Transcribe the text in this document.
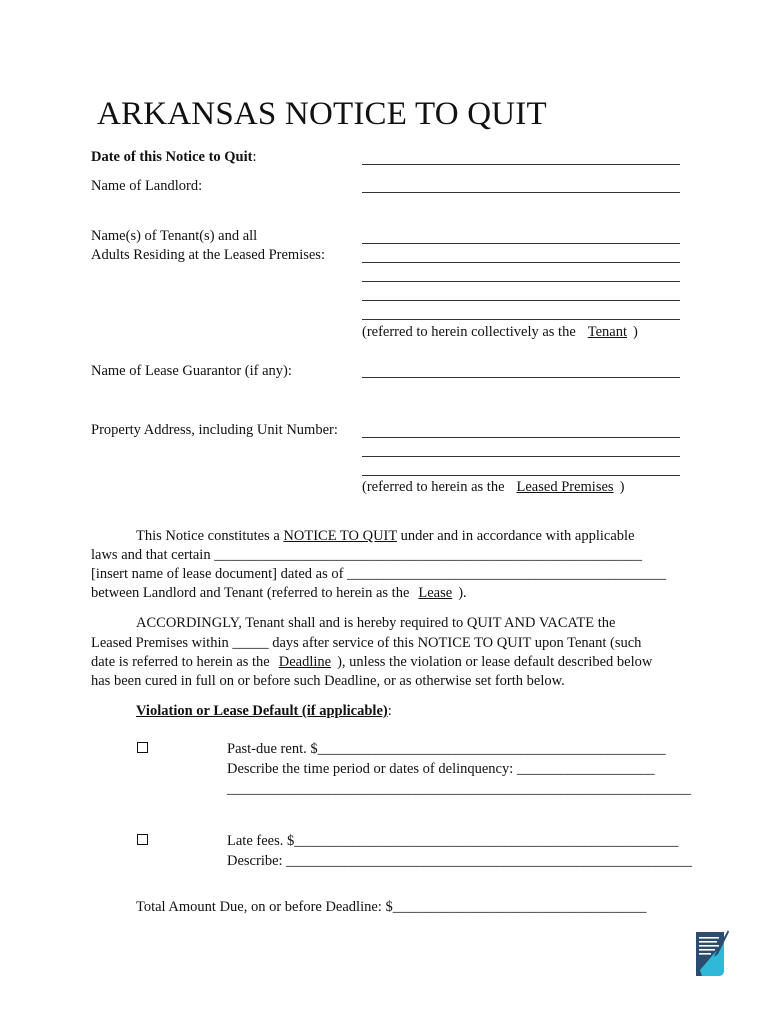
ARKANSAS NOTICE TO QUIT
Date of this Notice to Quit:
Name of Landlord:
Name(s) of Tenant(s) and all
Adults Residing at the Leased Premises:
(referred to herein collectively as the Tenant )
Name of Lease Guarantor (if any):
Property Address, including Unit Number:
(referred to herein as the Leased Premises )
This Notice constitutes a NOTICE TO QUIT under and in accordance with applicable
laws and that certain ___________________________________________________________
[insert name of lease document] dated as of ____________________________________________
between Landlord and Tenant (referred to herein as the Lease ).
ACCORDINGLY, Tenant shall and is hereby required to QUIT AND VACATE the
Leased Premises within _____ days after service of this NOTICE TO QUIT upon Tenant (such
date is referred to herein as the Deadline ), unless the violation or lease default described below
has been cured in full on or before such Deadline, or as otherwise set forth below.
Violation or Lease Default (if applicable):
Past-due rent. $________________________________________________
Describe the time period or dates of delinquency: ___________________
________________________________________________________________
Late fees. $_____________________________________________________
Describe: ________________________________________________________
Total Amount Due, on or before Deadline: $___________________________________
